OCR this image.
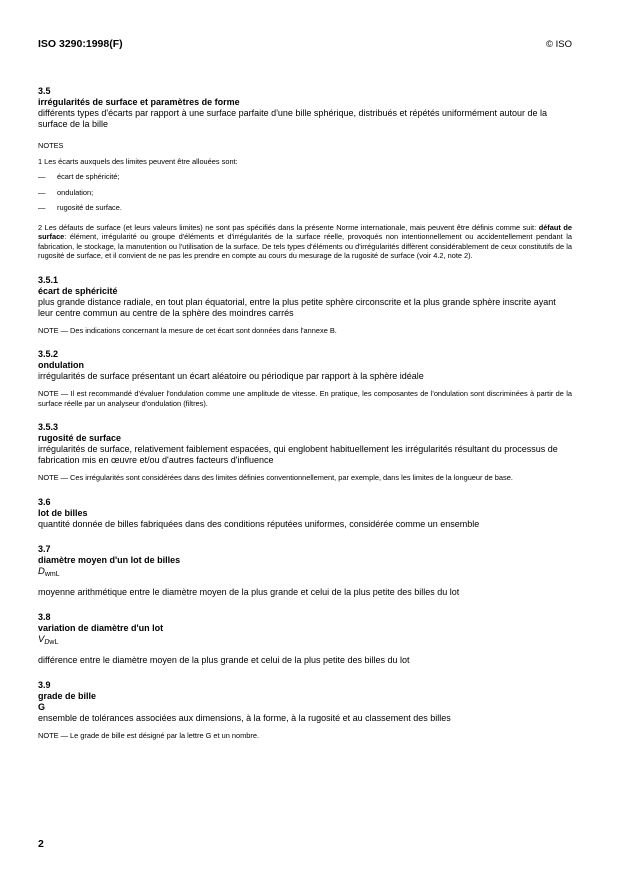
ISO 3290:1998(F)	© ISO
3.5
irrégularités de surface et paramètres de forme
différents types d'écarts par rapport à une surface parfaite d'une bille sphérique, distribués et répétés uniformément autour de la surface de la bille
NOTES
1 Les écarts auxquels des limites peuvent être allouées sont:
—	écart de sphéricité;
—	ondulation;
—	rugosité de surface.
2 Les défauts de surface (et leurs valeurs limites) ne sont pas spécifiés dans la présente Norme internationale, mais peuvent être définis comme suit: défaut de surface: élément, irrégularité ou groupe d'éléments et d'irrégularités de la surface réelle, provoqués non intentionnellement ou accidentellement pendant la fabrication, le stockage, la manutention ou l'utilisation de la surface. De tels types d'éléments ou d'irrégularités diffèrent considérablement de ceux constitutifs de la rugosité de surface, et il convient de ne pas les prendre en compte au cours du mesurage de la rugosité de surface (voir 4.2, note 2).
3.5.1
écart de sphéricité
plus grande distance radiale, en tout plan équatorial, entre la plus petite sphère circonscrite et la plus grande sphère inscrite ayant leur centre commun au centre de la sphère des moindres carrés
NOTE — Des indications concernant la mesure de cet écart sont données dans l'annexe B.
3.5.2
ondulation
irrégularités de surface présentant un écart aléatoire ou périodique par rapport à la sphère idéale
NOTE — Il est recommandé d'évaluer l'ondulation comme une amplitude de vitesse. En pratique, les composantes de l'ondulation sont discriminées à partir de la surface réelle par un analyseur d'ondulation (filtres).
3.5.3
rugosité de surface
irrégularités de surface, relativement faiblement espacées, qui englobent habituellement les irrégularités résultant du processus de fabrication mis en œuvre et/ou d'autres facteurs d'influence
NOTE — Ces irrégularités sont considérées dans des limites définies conventionnellement, par exemple, dans les limites de la longueur de base.
3.6
lot de billes
quantité donnée de billes fabriquées dans des conditions réputées uniformes, considérée comme un ensemble
3.7
diamètre moyen d'un lot de billes
$D_{wmL}$
moyenne arithmétique entre le diamètre moyen de la plus grande et celui de la plus petite des billes du lot
3.8
variation de diamètre d'un lot
$V_{DwL}$
différence entre le diamètre moyen de la plus grande et celui de la plus petite des billes du lot
3.9
grade de bille
G
ensemble de tolérances associées aux dimensions, à la forme, à la rugosité et au classement des billes
NOTE — Le grade de bille est désigné par la lettre G et un nombre.
2
